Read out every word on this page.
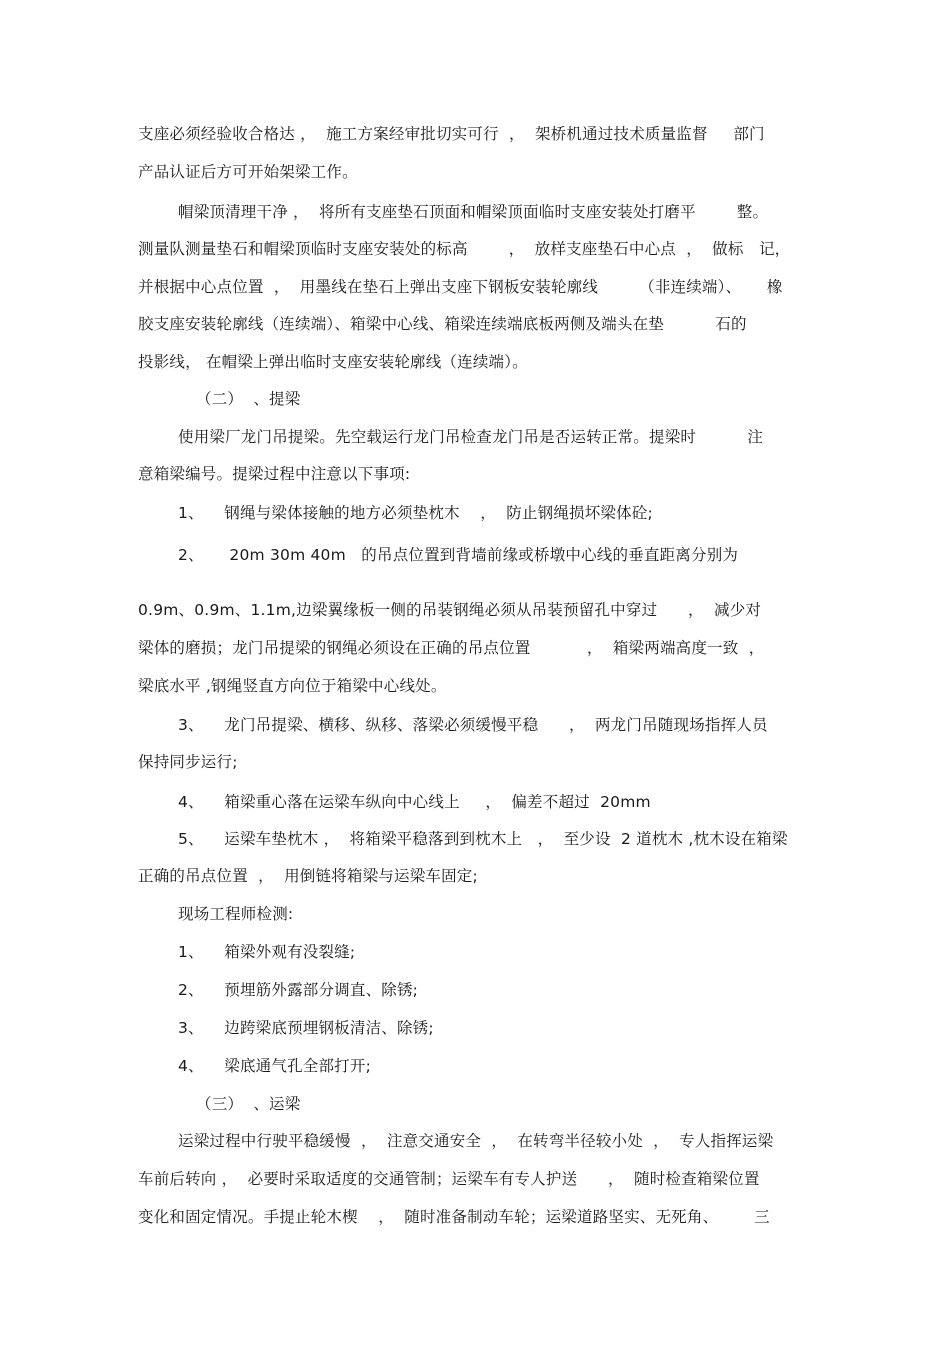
支座必须经验收合格达 ，  施工方案经审批切实可行  ，  架桥机通过技术质量监督     部门
产品认证后方可开始架梁工作。
帽梁顶清理干净 ，  将所有支座垫石顶面和帽梁顶面临时支座安装处打磨平        整。
测量队测量垫石和帽梁顶临时支座安装处的标高        ，  放样支座垫石中心点  ，  做标   记，
并根据中心点位置  ，  用墨线在垫石上弹出支座下钢板安装轮廓线        （非连续端）、     橡
胶支座安装轮廓线（连续端）、箱梁中心线、箱梁连续端底板两侧及端头在垫          石的
投影线， 在帽梁上弹出临时支座安装轮廓线（连续端）。
（二）  、提梁
使用梁厂龙门吊提梁。先空载运行龙门吊检查龙门吊是否运转正常。提梁时          注
意箱梁编号。提梁过程中注意以下事项:
1、    钢绳与梁体接触的地方必须垫枕木    ，  防止钢绳损坏梁体砼;
2、     20m 30m 40m   的吊点位置到背墙前缘或桥墩中心线的垂直距离分别为
0.9m、0.9m、1.1m,边梁翼缘板一侧的吊装钢绳必须从吊装预留孔中穿过      ，  减少对
梁体的磨损；龙门吊提梁的钢绳必须设在正确的吊点位置           ，  箱梁两端高度一致  ，
梁底水平 ,钢绳竖直方向位于箱梁中心线处。
3、    龙门吊提梁、横移、纵移、落梁必须缓慢平稳      ，  两龙门吊随现场指挥人员
保持同步运行;
4、    箱梁重心落在运梁车纵向中心线上     ，  偏差不超过  20mm
5、    运梁车垫枕木 ，  将箱梁平稳落到到枕木上   ，  至少设  2 道枕木 ,枕木设在箱梁
正确的吊点位置  ，  用倒链将箱梁与运梁车固定;
现场工程师检测:
1、    箱梁外观有没裂缝;
2、    预埋筋外露部分调直、除锈;
3、    边跨梁底预埋钢板清洁、除锈;
4、    梁底通气孔全部打开;
（三）  、运梁
运梁过程中行驶平稳缓慢  ，  注意交通安全  ，  在转弯半径较小处  ，  专人指挥运梁
车前后转向 ，  必要时采取适度的交通管制；运梁车有专人护送      ，  随时检查箱梁位置
变化和固定情况。手提止轮木楔    ，  随时准备制动车轮；运梁道路坚实、无死角、       三
